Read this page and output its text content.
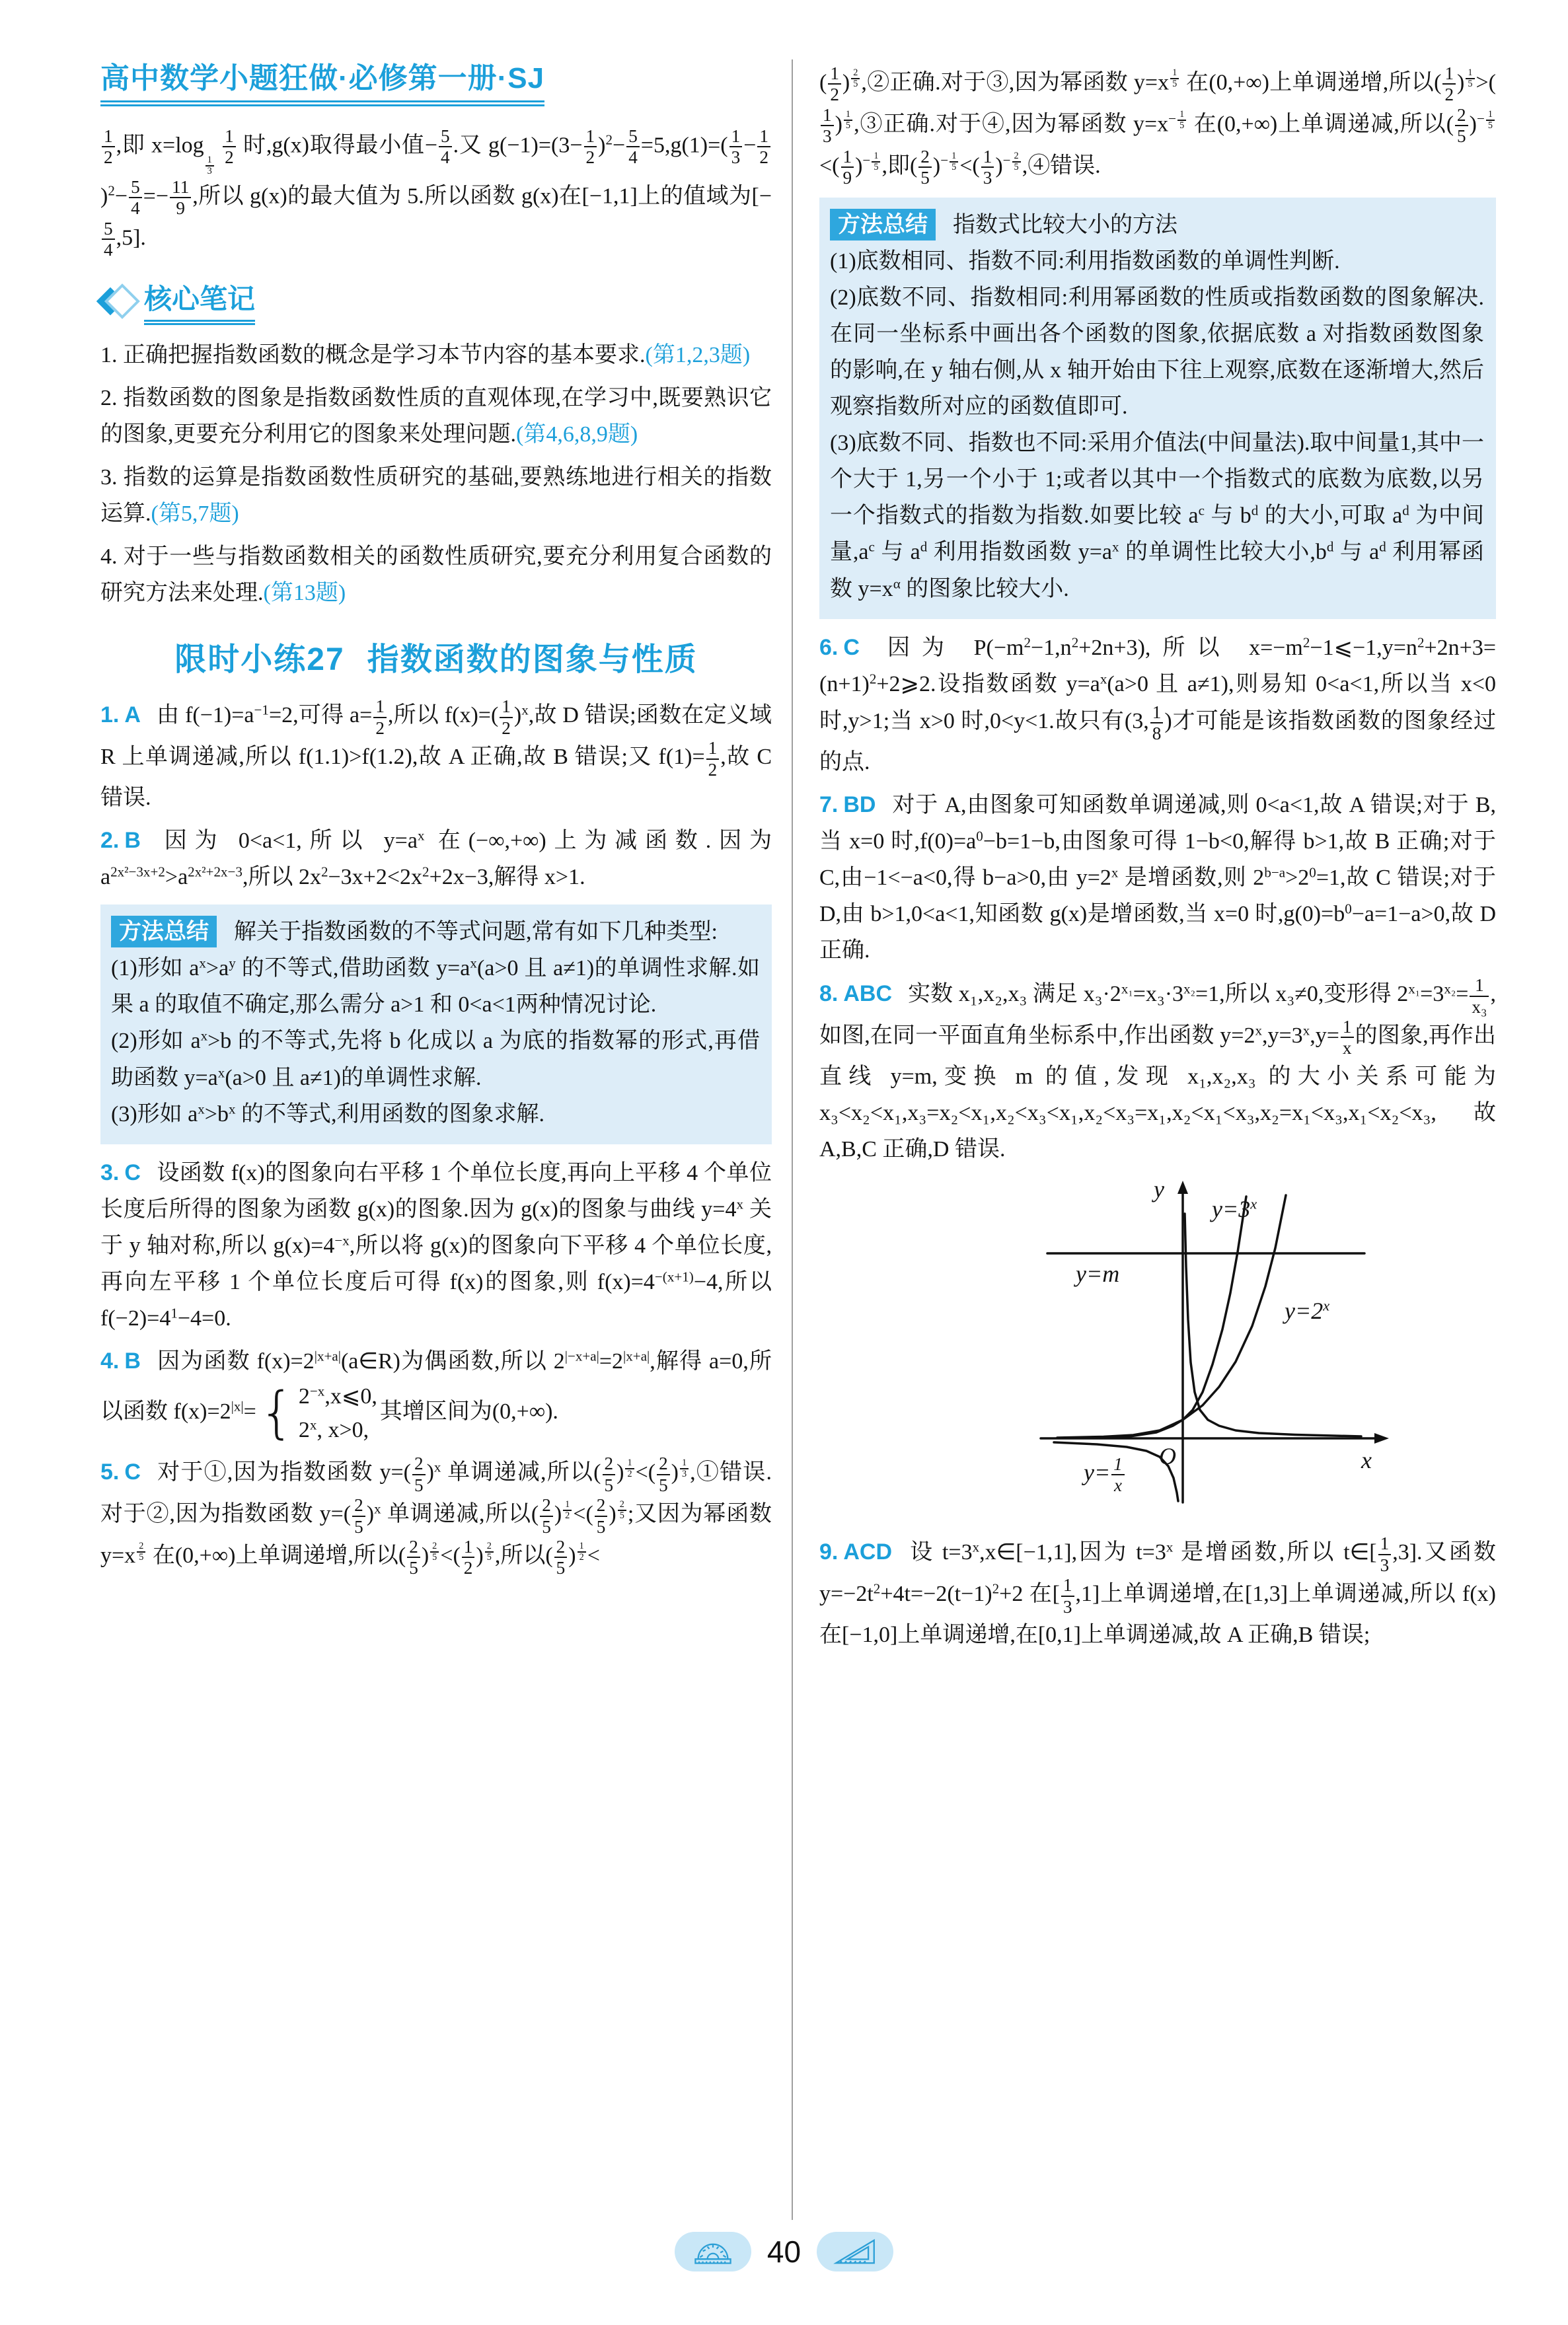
高中数学小题狂做·必修第一册·SJ

$\frac{1}{2}$ ,即 x=log
$\frac{1}{3}$
$\frac{1}{2}$ 时,g(x)取得最小值− $\frac{5}{4}$ .又 $g(-1)=(3- \frac{1}{2} )^2- \frac{5}{4} =5,g(1)=( \frac{1}{3} - \frac{1}{2}$
)$^2- \frac{5}{4} =- \frac{11}{9}$ ,所以 g(x)的最大值为 5.所以函数 g(x)在[−1,1]上的值域为[−
$\frac{5}{4} ,5$].

核心笔记

1. 正确把握指数函数的概念是学习本节内容的基本要求.(第1,2,3题)

2. 指数函数的图象是指数函数性质的直观体现,在学习中,既要熟识它的图象,更要充分利用它的图象来处理问题.(第4,6,8,9题)

3. 指数的运算是指数函数性质研究的基础,要熟练地进行相关的指数运算.(第5,7题)

4. 对于一些与指数函数相关的函数性质研究,要充分利用复合函数的研究方法来处理.(第13题)

限时小练27 指数函数的图象与性质

1. A 由 $f(-1)=a^{-1}=2$,可得 $a= \frac{1}{2}$ ,所以 $f(x)=( \frac{1}{2} )^x$,故 D 错误;函数在定义域 R 上单调递减,所以 f(1.1)>f(1.2),故 A 正确,故 B 错误;又 $f(1)= \frac{1}{2}$ ,故 C 错误.

2. B 因为 0<a<1,所以 $y=a^x$ 在(−∞,+∞)上为减函数.因为 $a^{2x^2-3x+2}>a^{2x^2+2x-3}$,所以 $2x^2-3x+2<2x^2+2x-3$,解得 x>1.

方法总结 解关于指数函数的不等式问题,常有如下几种类型:

(1)形如 $a^x>a^y$ 的不等式,借助函数 $y=a^x(a>0$ 且 a≠1)的单调性求解.如果 a 的取值不确定,那么需分 a>1 和 0<a<1两种情况讨论.

(2)形如 $a^x>b$ 的不等式,先将 b 化成以 a 为底的指数幂的形式,再借助函数 $y=a^x(a>0$ 且 a≠1)的单调性求解.

(3)形如 $a^x>b^x$ 的不等式,利用函数的图象求解.

3. C 设函数 f(x)的图象向右平移 1 个单位长度,再向上平移 4 个单位长度后所得的图象为函数 g(x)的图象.因为 g(x)的图象与曲线 $y=4^x$ 关于 y 轴对称,所以 $g(x)=4^{-x}$,所以将 g(x)的图象向下平移 4 个单位长度,再向左平移 1 个单位长度后可得 f(x)的图象,则 $f(x)=4^{-(x+1)}-4$,所以 $f(-2)=4^1-4=0$.

4. B 因为函数 $f(x)=2^{|x+a|}(a\in R)$为偶函数,所以 $2^{|-x+a|}=2^{|x+a|}$,解得 a=0,所以函数 $f(x)=2^{|x|}=$
{ $2^{-x},x⩽0$,
2$^x$, x>0,
其增区间为(0,+∞).

5. C 对于①,因为指数函数 $y=( \frac{2}{5} )^x$ 单调递减,所以( $\frac{2}{5}$ ) $\frac{1}{2}$ <( $\frac{2}{5}$ ) $\frac{1}{3}$ ,①错误.对于②,因为指数函数 $y=( \frac{2}{5} )^x$ 单调递减,所以( $\frac{2}{5}$ ) $\frac{1}{2}$ <( $\frac{2}{5}$ ) $\frac{2}{5}$ ;又因为幂函数 $y=x \frac{2}{5}$ 在(0,+∞)上单调递增,所以( $\frac{2}{5}$ ) $\frac{2}{5}$ <( $\frac{1}{2}$ ) $\frac{2}{5}$ ,所以( $\frac{2}{5}$ ) $\frac{1}{2}$ <

( $\frac{1}{2}$ ) $\frac{2}{5}$ ,②正确.对于③,因为幂函数 $y=x \frac{1}{5}$ 在(0,+∞)上单调递增,所以( $\frac{1}{2}$ ) $\frac{1}{5}$ >(
$\frac{1}{3}$ ) $\frac{1}{5}$ ,③正确.对于④,因为幂函数 $y=x^- \frac{1}{5}$ 在(0,+∞)上单调递减,所以( $\frac{2}{5} )^- \frac{1}{5}$
<( $\frac{1}{9} )^- \frac{1}{5}$ ,即( $\frac{2}{5} )^- \frac{1}{5}$ <( $\frac{1}{3} )^- \frac{2}{5}$ ,④错误.

方法总结 指数式比较大小的方法

(1)底数相同、指数不同:利用指数函数的单调性判断.

(2)底数不同、指数相同:利用幂函数的性质或指数函数的图象解决.在同一坐标系中画出各个函数的图象,依据底数 a 对指数函数图象的影响,在 y 轴右侧,从 x 轴开始由下往上观察,底数在逐渐增大,然后观察指数所对应的函数值即可.

(3)底数不同、指数也不同:采用介值法(中间量法).取中间量1,其中一个大于 1,另一个小于 1;或者以其中一个指数式的底数为底数,以另一个指数式的指数为指数.如要比较 $a^c$ 与 $b^d$ 的大小,可取 $a^d$ 为中间量$,a^c$ 与 $a^d$ 利用指数函数 $y=a^x$ 的单调性比较大小$,b^d$ 与 $a^d$ 利用幂函数 $y=x^\alpha$ 的图象比较大小.

6. C 因为 $P(-m^2-1,n^2+2n+3)$,所以 $x=-m^2-1⩽-1,y=n^2+2n+3=(n+1)^2+2⩾2$.设指数函数 $y=a^x(a>0$ 且 a≠1),则易知 0<a<1,所以当 x<0 时,y>1;当 x>0 时,0<y<1.故只有(3, $\frac{1}{8}$ )才可能是该指数函数的图象经过的点.

7. BD 对于 A,由图象可知函数单调递减,则 0<a<1,故 A 错误;对于 B,当 x=0 时$,f(0)=a^0-b=1-b$,由图象可得 1−b<0,解得 b>1,故 B 正确;对于 C,由−1<−a<0,得 b−a>0,由 $y=2^x$ 是增函数,则 $2^{b-a}>2^0=1$,故 C 错误;对于 D,由 b>1,0<a<1,知函数 g(x)是增函数,当 x=0 时$,g(0)=b^0-a=1-a>0$,故 D 正确.

8. ABC 实数 x₁,x₂,x₃ 满足 $x_3\cdot 2^{x_1}=x_3\cdot 3^{x_2}=1$,所以 x₃≠0,变形得 $2^{x_1}=3^{x_2}= \frac{1}{\text{x₃}}$ ,如图,在同一平面直角坐标系中,作出函数 $y=2^x,y=3^x,y= \frac{1}{x}$ 的图象,再作出直线 y=m,变换 m 的值,发现 x₁,x₂,x₃ 的大小关系可能为 x₃<x₂<x₁,x₃=x₂<x₁,x₂<x₃<x₁,x₂<x₃=x₁,x₂<x₁<x₃,x₂=x₁<x₃,x₁<x₂<x₃,故 A,B,C 正确,D 错误.

y
$y=3^x$
y=m
$y=2^x$
O	x
$y= \frac{1}{x}$

9. ACD 设 $t=3^x,x\in[-1,1]$,因为 $t=3^x$ 是增函数,所以 t∈[ $\frac{1}{3} ,3$].又函数 $y=-2t^2+4t=-2(t-1)^2+2$ 在[ $\frac{1}{3} ,1$]上单调递增,在[1,3]上单调递减,所以 f(x)在[−1,0]上单调递增,在[0,1]上单调递减,故 A 正确,B 错误;

40
